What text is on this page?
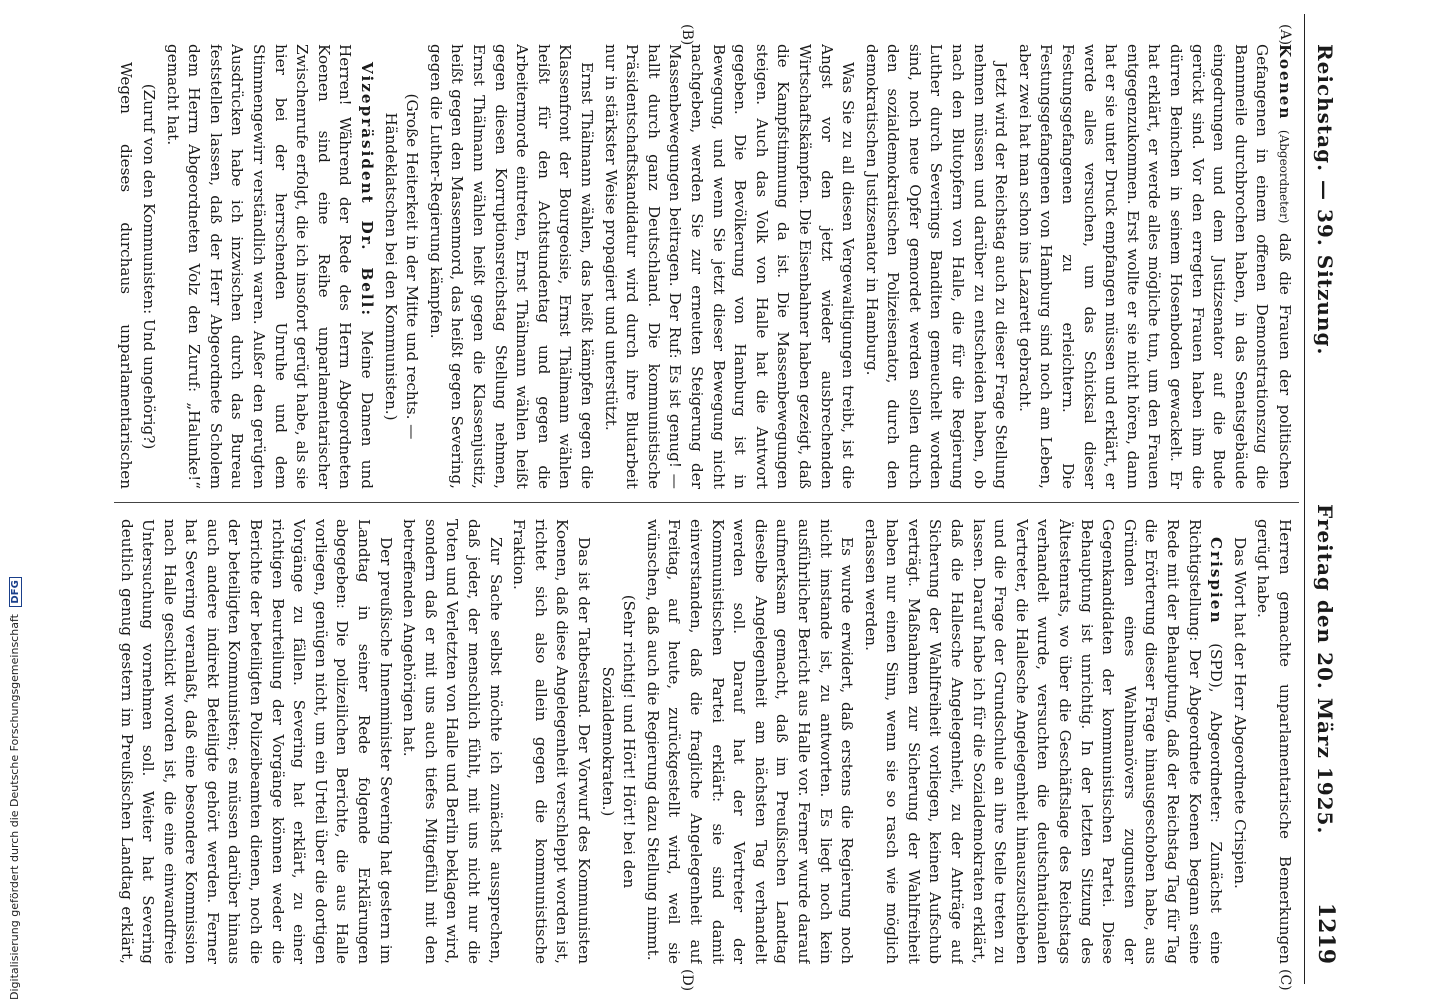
Reichstag. — 39. Sitzung.
Freitag den 20. März 1925.
1219
(A)
(B)
(C)
(D)

Koenen (Abgeordneter) daß die Frauen der politischen Gefangenen in einem offenen Demonstrationszug die Bannmeile durchbrochen haben, in das Senatsgebäude eingedrungen und dem Justizsenator auf die Bude gerückt sind. Vor den erregten Frauen haben ihm die dürren Beinchen in seinem Hosenboden gewackelt. Er hat erklärt, er werde alles mögliche tun, um den Frauen entgegenzukommen. Erst wollte er sie nicht hören, dann hat er sie unter Druck empfangen müssen und erklärt, er werde alles versuchen, um das Schicksal dieser Festungsgefangenen zu erleichtern. Die Festungsgefangenen von Hamburg sind noch am Leben, aber zwei hat man schon ins Lazarett gebracht.

Jetzt wird der Reichstag auch zu dieser Frage Stellung nehmen müssen und darüber zu entscheiden haben, ob nach den Blutopfern von Halle, die für die Regierung Luther durch Severings Banditen gemeuchelt worden sind, noch neue Opfer gemordet werden sollen durch den sozialdemokratischen Polizeisenator, durch den demokratischen Justizsenator in Hamburg.

Was Sie zu all diesen Vergewaltigungen treibt, ist die Angst vor den jetzt wieder ausbrechenden Wirtschaftskämpfen. Die Eisenbahner haben gezeigt, daß die Kampfstimmung da ist. Die Massenbewegungen steigen. Auch das Volk von Halle hat die Antwort gegeben. Die Bevölkerung von Hamburg ist in Bewegung, und wenn Sie jetzt dieser Bewegung nicht nachgeben, werden Sie zur erneuten Steigerung der Massenbewegungen beitragen. Der Ruf: Es ist genug! — hallt durch ganz Deutschland. Die kommunistische Präsidentschaftskandidatur wird durch ihre Blutarbeit nur in stärkster Weise propagiert und unterstützt.

Ernst Thälmann wählen, das heißt kämpfen gegen die Klassenfront der Bourgeoisie, Ernst Thälmann wählen heißt für den Achtstundentag und gegen die Arbeitermorde eintreten, Ernst Thälmann wählen heißt gegen diesen Korruptionsreichstag Stellung nehmen, Ernst Thälmann wählen heißt gegen die Klassenjustiz, heißt gegen den Massenmord, das heißt gegen Severing, gegen die Luther-Regierung kämpfen.

(Große Heiterkeit in der Mitte und rechts. — Händeklatschen bei den Kommunisten.)

Vizepräsident Dr. Bell: Meine Damen und Herren! Während der Rede des Herrn Abgeordneten Koenen sind eine Reihe unparlamentarischer Zwischenrufe erfolgt, die ich insofort gerügt habe, als sie hier bei der herrschenden Unruhe und dem Stimmengewirr verständlich waren. Außer den gerügten Ausdrücken habe ich inzwischen durch das Bureau feststellen lassen, daß der Herr Abgeordnete Scholem dem Herrn Abgeordneten Volz den Zuruf: „Halunke!“ gemacht hat.

(Zuruf von den Kommunisten: Und ungehörig?)

Wegen dieses durchaus unparlamentarischen

Herren gemachte unparlamentarische Bemerkungen gerügt habe.

Das Wort hat der Herr Abgeordnete Crispien.

Crispien (SPD), Abgeordneter: Zunächst eine Richtigstellung: Der Abgeordnete Koenen begann seine Rede mit der Behauptung, daß der Reichstag Tag für Tag die Erörterung dieser Frage hinausgeschoben habe, aus Gründen eines Wahlmanövers zugunsten der Gegenkandidaten der kommunistischen Partei. Diese Behauptung ist unrichtig. In der letzten Sitzung des Ältestenrats, wo über die Geschäftslage des Reichstags verhandelt wurde, versuchten die deutschnationalen Vertreter, die Hallesche Angelegenheit hinauszuschieben und die Frage der Grundschule an ihre Stelle treten zu lassen. Darauf habe ich für die Sozialdemokraten erklärt, daß die Hallesche Angelegenheit, zu der Anträge auf Sicherung der Wahlfreiheit vorliegen, keinen Aufschub verträgt. Maßnahmen zur Sicherung der Wahlfreiheit haben nur einen Sinn, wenn sie so rasch wie möglich erlassen werden.

Es wurde erwidert, daß erstens die Regierung noch nicht imstande ist, zu antworten. Es liegt noch kein ausführlicher Bericht aus Halle vor. Ferner wurde darauf aufmerksam gemacht, daß im Preußischen Landtag dieselbe Angelegenheit am nächsten Tag verhandelt werden soll. Darauf hat der Vertreter der Kommunistischen Partei erklärt: sie sind damit einverstanden, daß die fragliche Angelegenheit auf Freitag, auf heute, zurückgestellt wird, weil sie wünschen, daß auch die Regierung dazu Stellung nimmt.

(Sehr richtig! und Hört! Hört! bei den Sozialdemokraten.)

Das ist der Tatbestand. Der Vorwurf des Kommunisten Koenen, daß diese Angelegenheit verschleppt worden ist, richtet sich also allein gegen die kommunistische Fraktion.

Zur Sache selbst möchte ich zunächst aussprechen, daß jeder, der menschlich fühlt, mit uns nicht nur die Toten und Verletzten von Halle und Berlin beklagen wird, sondern daß er mit uns auch tiefes Mitgefühl mit den betreffenden Angehörigen hat.

Der preußische Innenminister Severing hat gestern im Landtag in seiner Rede folgende Erklärungen abgegeben: Die polizeilichen Berichte, die aus Halle vorliegen, genügen nicht, um ein Urteil über die dortigen Vorgänge zu fällen. Severing hat erklärt, zu einer richtigen Beurteilung der Vorgänge können weder die Berichte der beteiligten Polizeibeamten dienen, noch die der beteiligten Kommunisten; es müssen darüber hinaus auch andere indirekt Beteiligte gehört werden. Ferner hat Severing veranlaßt, daß eine besondere Kommission nach Halle geschickt worden ist, die eine einwandfreie Untersuchung vornehmen soll. Weiter hat Severing deutlich genug gestern im Preußischen Landtag erklärt,

Digitalisierung gefördert durch die Deutsche Forschungsgemeinschaft DFG
